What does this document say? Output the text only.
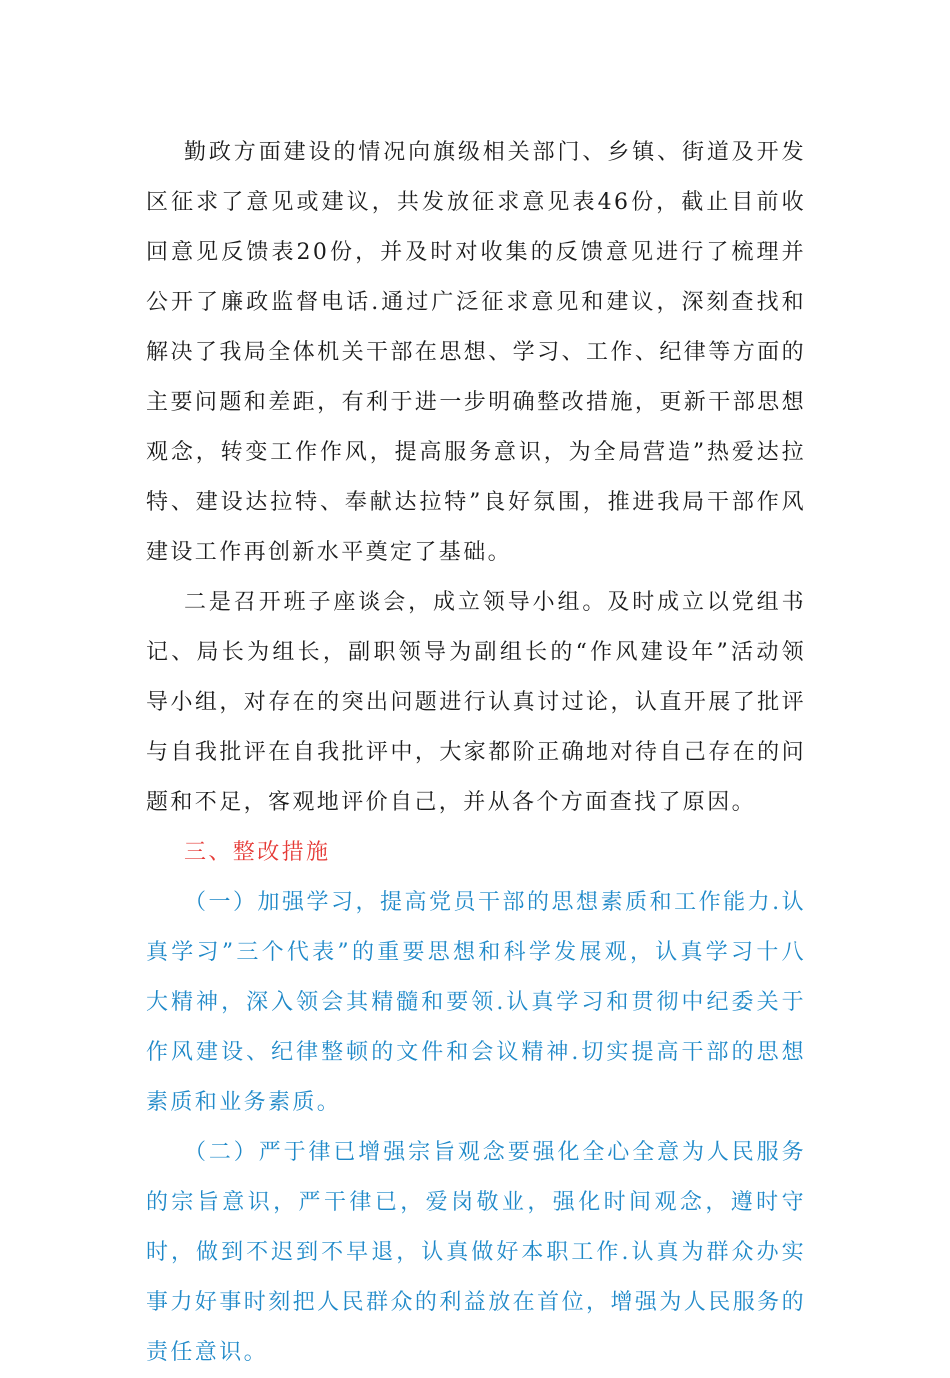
勤政方面建设的情况向旗级相关部门、乡镇、街道及开发区征求了意见或建议，共发放征求意见表46份，截止目前收回意见反馈表20份，并及时对收集的反馈意见进行了梳理并公开了廉政监督电话.通过广泛征求意见和建议，深刻查找和解决了我局全体机关干部在思想、学习、工作、纪律等方面的主要问题和差距，有利于进一步明确整改措施，更新干部思想观念，转变工作作风，提高服务意识，为全局营造”热爱达拉特、建设达拉特、奉献达拉特”良好氛围，推进我局干部作风建设工作再创新水平奠定了基础。

二是召开班子座谈会，成立领导小组。及时成立以党组书记、局长为组长，副职领导为副组长的“作风建设年”活动领导小组，对存在的突出问题进行认真讨过论，认直开展了批评与自我批评在自我批评中，大家都阶正确地对待自己存在的问题和不足，客观地评价自己，并从各个方面查找了原因。

三、整改措施

（一）加强学习，提高党员干部的思想素质和工作能力.认真学习”三个代表”的重要思想和科学发展观，认真学习十八大精神，深入领会其精髓和要领.认真学习和贯彻中纪委关于作风建设、纪律整顿的文件和会议精神.切实提高干部的思想素质和业务素质。

（二）严于律已增强宗旨观念要强化全心全意为人民服务的宗旨意识，严干律已，爱岗敬业，强化时间观念，遵时守时，做到不迟到不早退，认真做好本职工作.认真为群众办实事力好事时刻把人民群众的利益放在首位，增强为人民服务的责任意识。
